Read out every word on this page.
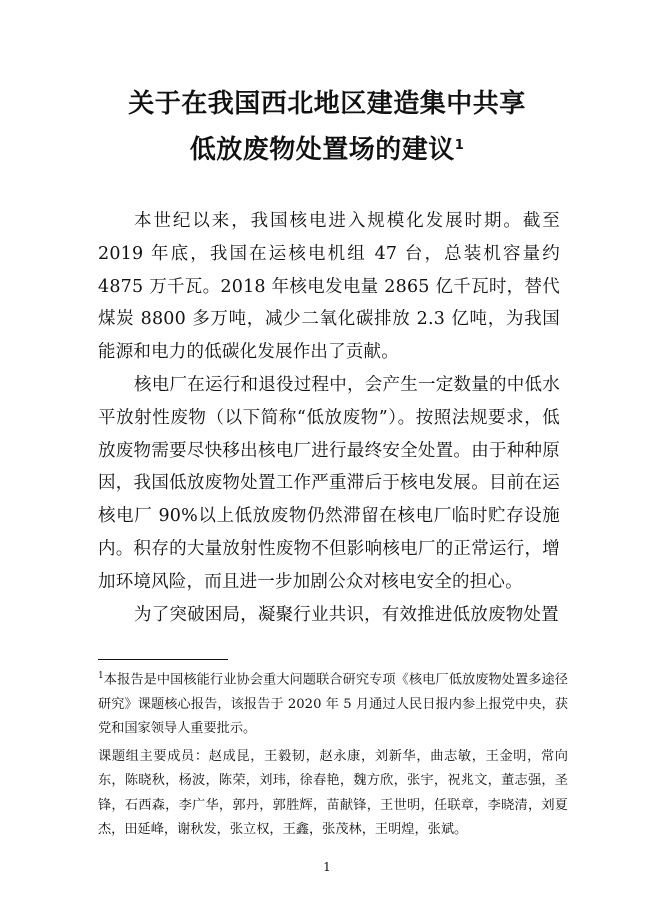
关于在我国西北地区建造集中共享
低放废物处置场的建议$^1$

本世纪以来，我国核电进入规模化发展时期。截至 2019 年底，我国在运核电机组 47 台，总装机容量约 4875 万千瓦。2018 年核电发电量 2865 亿千瓦时，替代煤炭 8800 多万吨，减少二氧化碳排放 2.3 亿吨，为我国能源和电力的低碳化发展作出了贡献。

核电厂在运行和退役过程中，会产生一定数量的中低水平放射性废物（以下简称“低放废物”）。按照法规要求，低放废物需要尽快移出核电厂进行最终安全处置。由于种种原因，我国低放废物处置工作严重滞后于核电发展。目前在运核电厂 90%以上低放废物仍然滞留在核电厂临时贮存设施内。积存的大量放射性废物不但影响核电厂的正常运行，增加环境风险，而且进一步加剧公众对核电安全的担心。

为了突破困局，凝聚行业共识，有效推进低放废物处置

$^1$本报告是中国核能行业协会重大问题联合研究专项《核电厂低放废物处置多途径研究》课题核心报告，该报告于 2020 年 5 月通过人民日报内参上报党中央，获党和国家领导人重要批示。

课题组主要成员：赵成昆，王毅韧，赵永康，刘新华，曲志敏，王金明，常向东，陈晓秋，杨波，陈荣，刘玮，徐春艳，魏方欣，张宇，祝兆文，董志强，圣锋，石西森，李广华，郭丹，郭胜辉，苗献锋，王世明，任联章，李晓清，刘夏杰，田延峰，谢秋发，张立权，王鑫，张茂林，王明煌，张斌。

1
